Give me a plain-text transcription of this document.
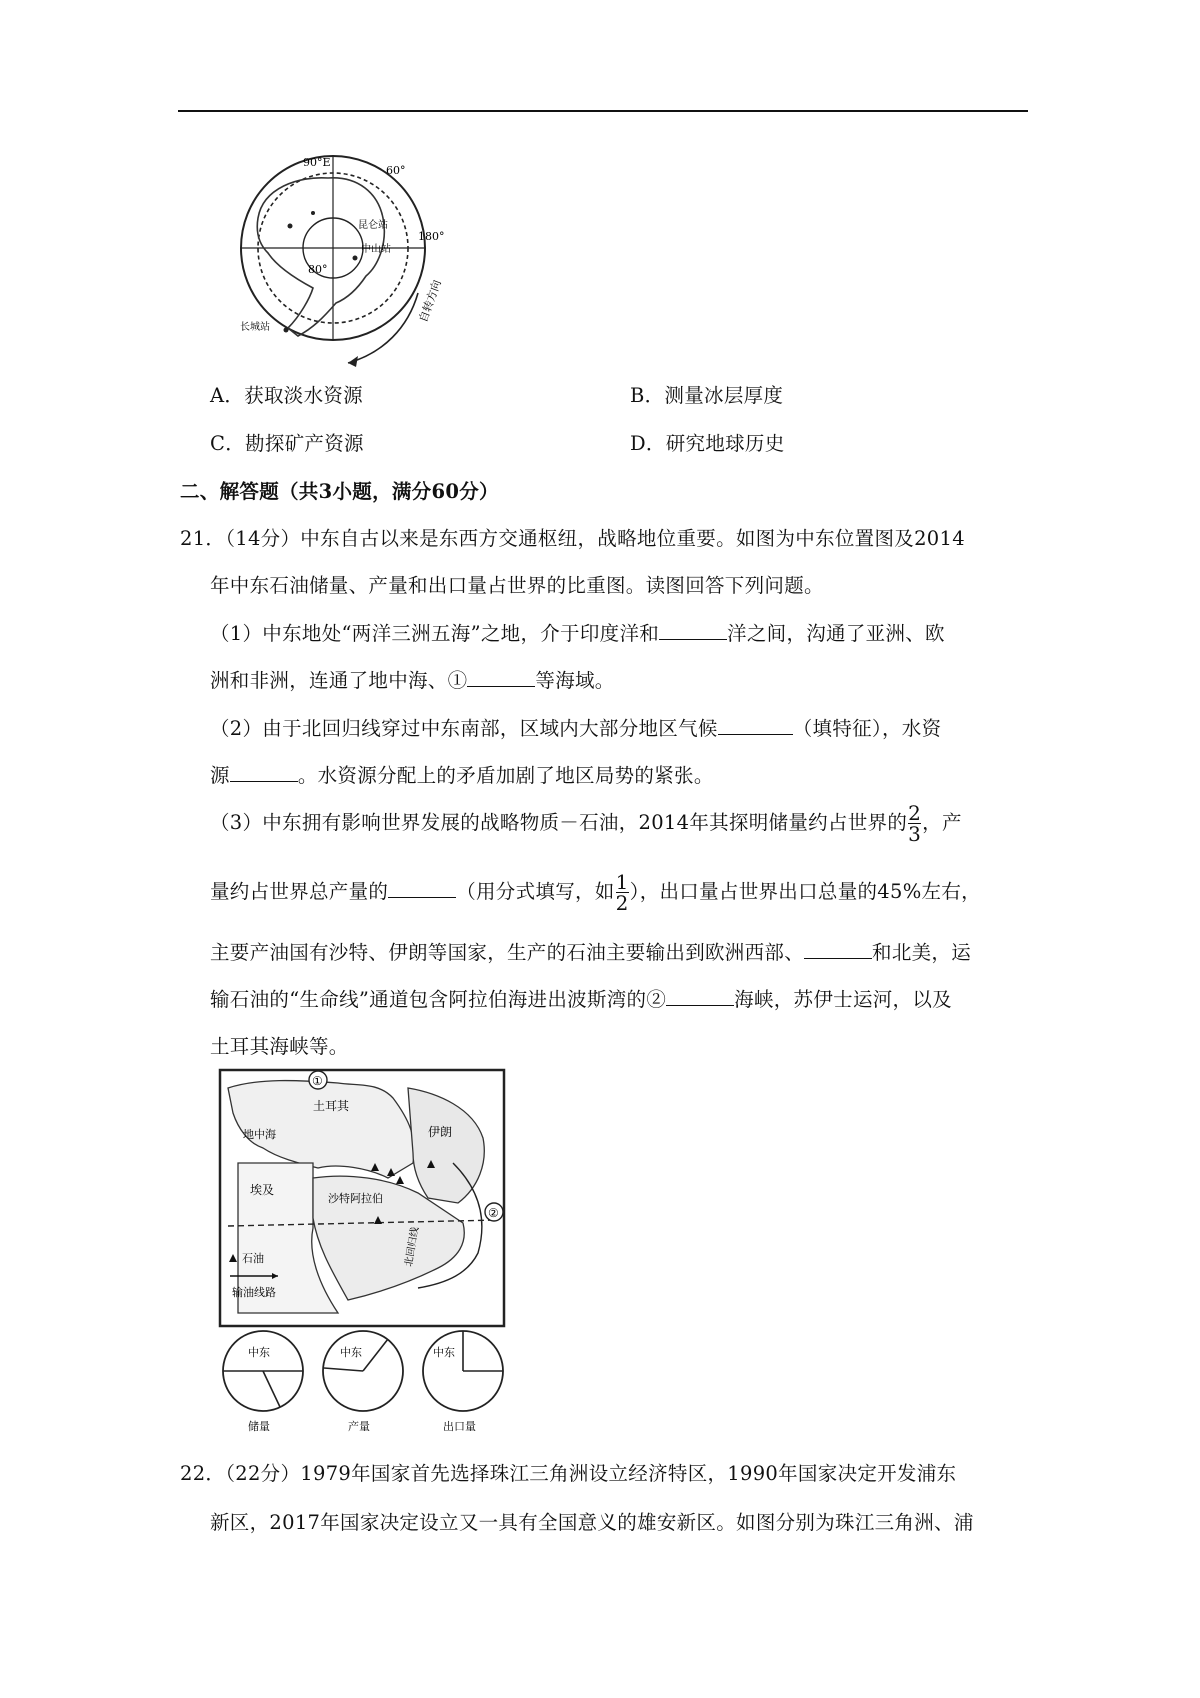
90°E
60°
180°
80°
昆仑站
中山站
长城站
自转方向
A．获取淡水资源	B．测量冰层厚度
C．勘探矿产资源	D．研究地球历史
二、解答题（共3小题，满分60分）
21．（14分）中东自古以来是东西方交通枢纽，战略地位重要。如图为中东位置图及2014
年中东石油储量、产量和出口量占世界的比重图。读图回答下列问题。
（1）中东地处“两洋三洲五海”之地，介于印度洋和	洋之间，沟通了亚洲、欧
洲和非洲，连通了地中海、①	等海域。
（2）由于北回归线穿过中东南部，区域内大部分地区气候	（填特征），水资
源	。水资源分配上的矛盾加剧了地区局势的紧张。
（3）中东拥有影响世界发展的战略物质－石油，2014年其探明储量约占世界的 $\frac{2}{3}$ ，产
量约占世界总产量的	（用分式填写，如 $\frac{1}{2}$ ），出口量占世界出口总量的45%左右，
主要产油国有沙特、伊朗等国家，生产的石油主要输出到欧洲西部、	和北美，运
输石油的“生命线”通道包含阿拉伯海进出波斯湾的②	海峡，苏伊士运河，以及
土耳其海峡等。
北回归线
①
②
土耳其
地中海	伊朗
埃及
沙特阿拉伯
石油
输油线路
中东
储量
中东
产量
中东
出口量
22．（22分）1979年国家首先选择珠江三角洲设立经济特区，1990年国家决定开发浦东
新区，2017年国家决定设立又一具有全国意义的雄安新区。如图分别为珠江三角洲、浦
